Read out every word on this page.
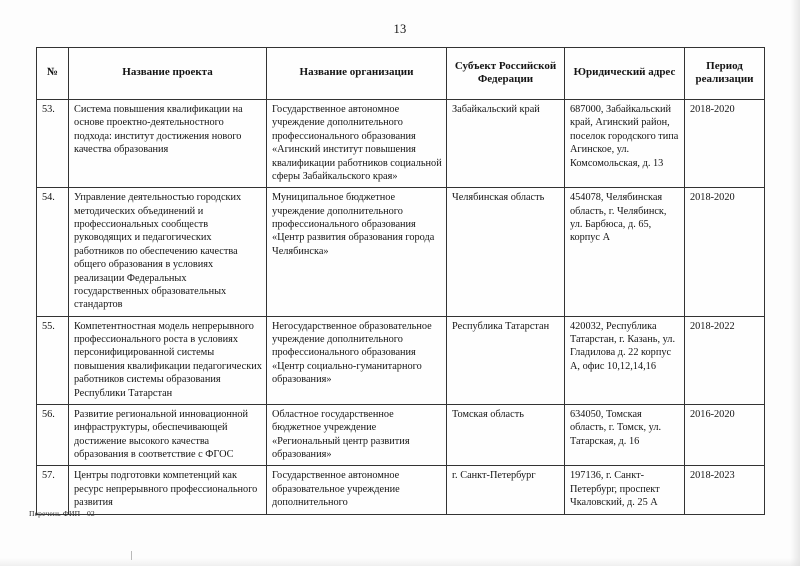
13
№	Название проекта	Название организации	Субъект Российской Федерации	Юридический адрес	Период реализации
53.	Система повышения квалификации на основе проектно-деятельностного подхода: институт достижения нового качества образования	Государственное автономное учреждение дополнительного профессионального образования «Агинский институт повышения квалификации работников социальной сферы Забайкальского края»	Забайкальский край	687000, Забайкальский край, Агинский район, поселок городского типа Агинское, ул. Комсомольская, д. 13	2018-2020
54.	Управление деятельностью городских методических объединений и профессиональных сообществ руководящих и педагогических работников по обеспечению качества общего образования в условиях реализации Федеральных государственных образовательных стандартов	Муниципальное бюджетное учреждение дополнительного профессионального образования «Центр развития образования города Челябинска»	Челябинская область	454078, Челябинская область, г. Челябинск, ул. Барбюса, д. 65, корпус А	2018-2020
55.	Компетентностная модель непрерывного профессионального роста в условиях персонифицированной системы повышения квалификации педагогических работников системы образования Республики Татарстан	Негосударственное образовательное учреждение дополнительного профессионального образования «Центр социально-гуманитарного образования»	Республика Татарстан	420032, Республика Татарстан, г. Казань, ул. Гладилова д. 22 корпус А, офис 10,12,14,16	2018-2022
56.	Развитие региональной инновационной инфраструктуры, обеспечивающей достижение высокого качества образования в соответствие с ФГОС	Областное государственное бюджетное учреждение «Региональный центр развития образования»	Томская область	634050, Томская область, г. Томск, ул. Татарская, д. 16	2016-2020
57.	Центры подготовки компетенций как ресурс непрерывного профессионального развития	Государственное автономное образовательное учреждение дополнительного	г. Санкт-Петербург	197136, г. Санкт-Петербург, проспект Чкаловский, д. 25 А	2018-2023
Перечень ФИП - 02
